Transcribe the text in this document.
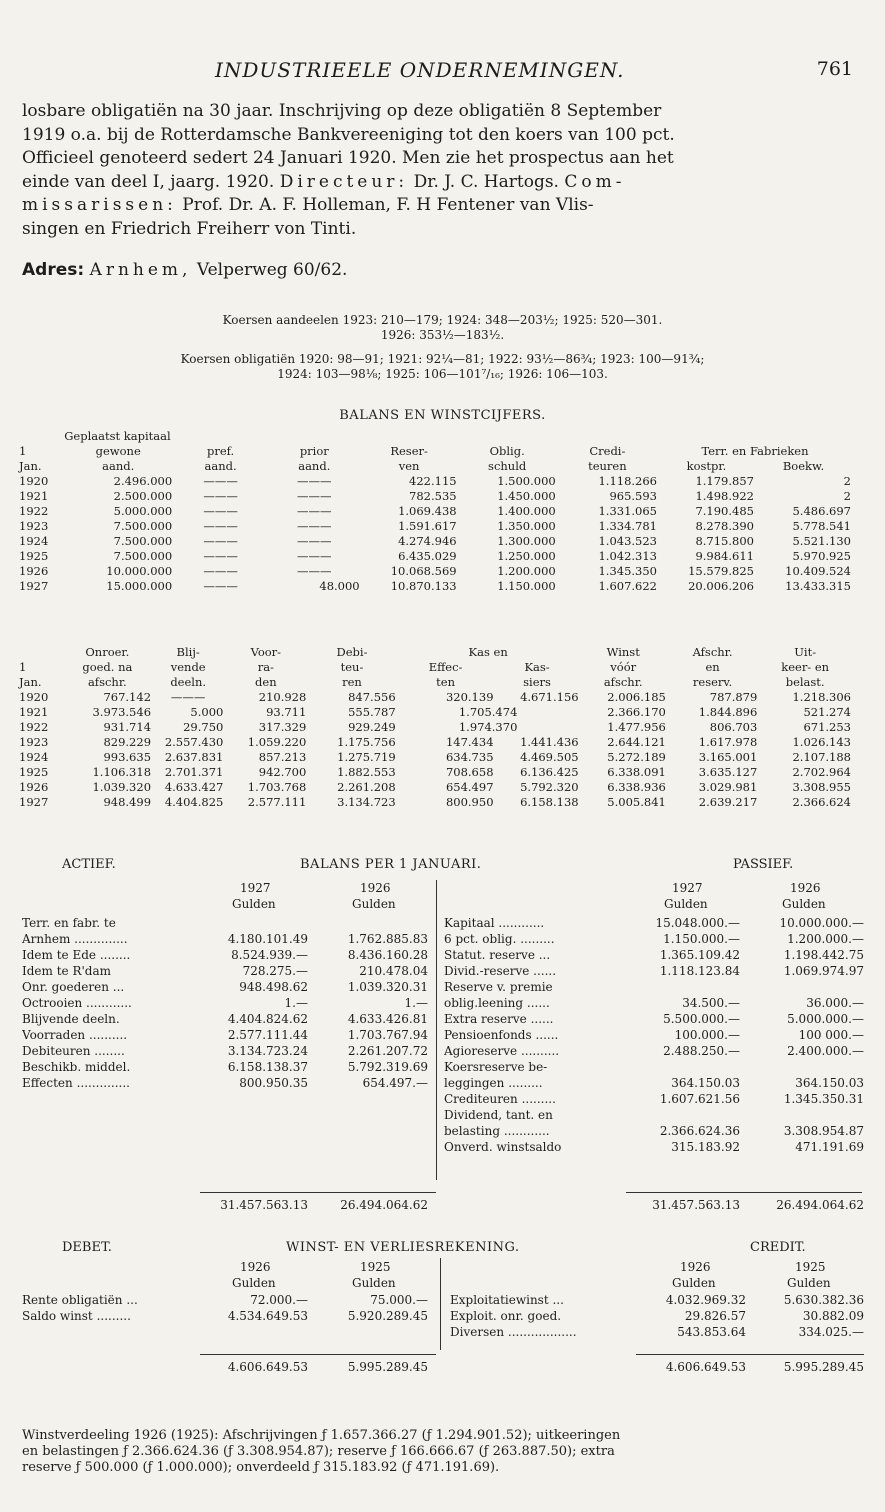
INDUSTRIEELE ONDERNEMINGEN.	761

losbare obligatiën na 30 jaar. Inschrijving op deze obligatiën 8 September

1919 o.a. bij de Rotterdamsche Bankvereeniging tot den koers van 100 pct.

Officieel genoteerd sedert 24 Januari 1920. Men zie het prospectus aan het

einde van deel I, jaarg. 1920. Directeur: Dr. J. C. Hartogs. Com-

missarissen: Prof. Dr. A. F. Holleman, F. H Fentener van Vlis-

singen en Friedrich Freiherr von Tinti.

Adres: Arnhem, Velperweg 60/62.
Koersen aandeelen 1923: 210—179; 1924: 348—203½; 1925: 520—301.
1926: 353½—183½.
Koersen obligatiën 1920: 98—91; 1921: 92¼—81; 1922: 93½—86¾; 1923: 100—91¾;
1924: 103—98⅛; 1925: 106—101⁷/₁₆; 1926: 106—103.
BALANS EN WINSTCIJFERS.
	Geplaatst kapitaal							
1	gewone	pref.	prior	Reser-	Oblig.	Credi-	Terr. en Fabrieken	
Jan.	aand.	aand.	aand.	ven	schuld	teuren	kostpr.	Boekw.
1920	2.496.000	———	———	422.115	1.500.000	1.118.266	1.179.857	2
1921	2.500.000	———	———	782.535	1.450.000	965.593	1.498.922	2
1922	5.000.000	———	———	1.069.438	1.400.000	1.331.065	7.190.485	5.486.697
1923	7.500.000	———	———	1.591.617	1.350.000	1.334.781	8.278.390	5.778.541
1924	7.500.000	———	———	4.274.946	1.300.000	1.043.523	8.715.800	5.521.130
1925	7.500.000	———	———	6.435.029	1.250.000	1.042.313	9.984.611	5.970.925
1926	10.000.000	———	———	10.068.569	1.200.000	1.345.350	15.579.825	10.409.524
1927	15.000.000	———	48.000	10.870.133	1.150.000	1.607.622	20.006.206	13.433.315
	Onroer.	Blij-	Voor-	Debi-	Kas en		Winst	Afschr.	Uit-
1	goed. na	vende	ra-	teu-	Effec-	Kas-	vóór	en	keer- en
Jan.	afschr.	deeln.	den	ren	ten	siers	afschr.	reserv.	belast.
1920	767.142	———	210.928	847.556	320.139	4.671.156	2.006.185	787.879	1.218.306
1921	3.973.546	5.000	93.711	555.787	1.705.474		2.366.170	1.844.896	521.274
1922	931.714	29.750	317.329	929.249	1.974.370		1.477.956	806.703	671.253
1923	829.229	2.557.430	1.059.220	1.175.756	147.434	1.441.436	2.644.121	1.617.978	1.026.143
1924	993.635	2.637.831	857.213	1.275.719	634.735	4.469.505	5.272.189	3.165.001	2.107.188
1925	1.106.318	2.701.371	942.700	1.882.553	708.658	6.136.425	6.338.091	3.635.127	2.702.964
1926	1.039.320	4.633.427	1.703.768	2.261.208	654.497	5.792.320	6.338.936	3.029.981	3.308.955
1927	948.499	4.404.825	2.577.111	3.134.723	800.950	6.158.138	5.005.841	2.639.217	2.366.624
ACTIEF.	BALANS PER 1 JANUARI.	PASSIEF.
1927	1926
Gulden	Gulden
1927	1926
Gulden	Gulden
Terr. en fabr. te
Arnhem ..............	4.180.101.49	1.762.885.83
Idem te Ede ........	8.524.939.—	8.436.160.28
Idem te R'dam	728.275.—	210.478.04
Onr. goederen ...	948.498.62	1.039.320.31
Octrooien ............	1.—	1.—
Blijvende deeln.	4.404.824.62	4.633.426.81
Voorraden ..........	2.577.111.44	1.703.767.94
Debiteuren ........	3.134.723.24	2.261.207.72
Beschikb. middel.	6.158.138.37	5.792.319.69
Effecten ..............	800.950.35	654.497.—
Kapitaal ............	15.048.000.—	10.000.000.—
6 pct. oblig. .........	1.150.000.—	1.200.000.—
Statut. reserve ...	1.365.109.42	1.198.442.75
Divid.-reserve ......	1.118.123.84	1.069.974.97
Reserve v. premie
oblig.leening ......	34.500.—	36.000.—
Extra reserve ......	5.500.000.—	5.000.000.—
Pensioenfonds ......	100.000.—	100 000.—
Agioreserve ..........	2.488.250.—	2.400.000.—
Koersreserve be-
leggingen .........	364.150.03	364.150.03
Crediteuren .........	1.607.621.56	1.345.350.31
Dividend, tant. en
belasting ............	2.366.624.36	3.308.954.87
Onverd. winstsaldo	315.183.92	471.191.69
31.457.563.13	26.494.064.62	31.457.563.13	26.494.064.62
DEBET.	WINST- EN VERLIESREKENING.	CREDIT.
1926	1925
Gulden	Gulden
1926	1925
Gulden	Gulden
Rente obligatiën ...	72.000.—	75.000.—
Saldo winst .........	4.534.649.53	5.920.289.45
Exploitatiewinst ...	4.032.969.32	5.630.382.36
Exploit. onr. goed.	29.826.57	30.882.09
Diversen ..................	543.853.64	334.025.—
4.606.649.53	5.995.289.45	4.606.649.53	5.995.289.45
Winstverdeeling 1926 (1925): Afschrijvingen ƒ 1.657.366.27 (ƒ 1.294.901.52); uitkeeringen
en belastingen ƒ 2.366.624.36 (ƒ 3.308.954.87); reserve ƒ 166.666.67 (ƒ 263.887.50); extra
reserve ƒ 500.000 (ƒ 1.000.000); onverdeeld ƒ 315.183.92 (ƒ 471.191.69).
